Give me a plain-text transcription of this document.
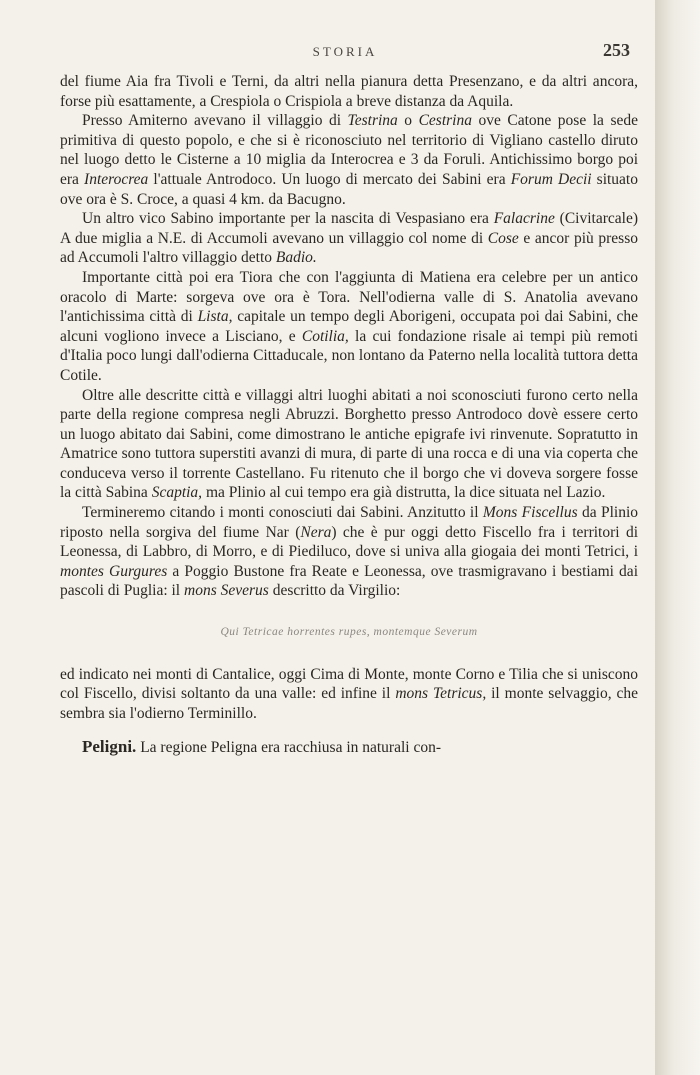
STORIA	253

del fiume Aia fra Tivoli e Terni, da altri nella pianura detta Presenzano, e da altri ancora, forse più esattamente, a Crespiola o Crispiola a breve distanza da Aquila.

Presso Amiterno avevano il villaggio di Testrina o Cestrina ove Catone pose la sede primitiva di questo popolo, e che si è riconosciuto nel territorio di Vigliano castello diruto nel luogo detto le Cisterne a 10 miglia da Interocrea e 3 da Foruli. Antichissimo borgo poi era Interocrea l'attuale Antrodoco. Un luogo di mercato dei Sabini era Forum Decii situato ove ora è S. Croce, a quasi 4 km. da Bacugno.

Un altro vico Sabino importante per la nascita di Vespasiano era Falacrine (Civitarcale) A due miglia a N.E. di Accumoli avevano un villaggio col nome di Cose e ancor più presso ad Accumoli l'altro villaggio detto Badio.

Importante città poi era Tiora che con l'aggiunta di Matiena era celebre per un antico oracolo di Marte: sorgeva ove ora è Tora. Nell'odierna valle di S. Anatolia avevano l'antichissima città di Lista, capitale un tempo degli Aborigeni, occupata poi dai Sabini, che alcuni vogliono invece a Lisciano, e Cotilia, la cui fondazione risale ai tempi più remoti d'Italia poco lungi dall'odierna Cittaducale, non lontano da Paterno nella località tuttora detta Cotile.

Oltre alle descritte città e villaggi altri luoghi abitati a noi sconosciuti furono certo nella parte della regione compresa negli Abruzzi. Borghetto presso Antrodoco dovè essere certo un luogo abitato dai Sabini, come dimostrano le antiche epigrafe ivi rinvenute. Sopratutto in Amatrice sono tuttora superstiti avanzi di mura, di parte di una rocca e di una via coperta che conduceva verso il torrente Castellano. Fu ritenuto che il borgo che vi doveva sorgere fosse la città Sabina Scaptia, ma Plinio al cui tempo era già distrutta, la dice situata nel Lazio.

Termineremo citando i monti conosciuti dai Sabini. Anzitutto il Mons Fiscellus da Plinio riposto nella sorgiva del fiume Nar (Nera) che è pur oggi detto Fiscello fra i territori di Leonessa, di Labbro, di Morro, e di Piediluco, dove si univa alla giogaia dei monti Tetrici, i montes Gurgures a Poggio Bustone fra Reate e Leonessa, ove trasmigravano i bestiami dai pascoli di Puglia: il mons Severus descritto da Virgilio:

Qui Tetricae horrentes rupes, montemque Severum

ed indicato nei monti di Cantalice, oggi Cima di Monte, monte Corno e Tilia che si uniscono col Fiscello, divisi soltanto da una valle: ed infine il mons Tetricus, il monte selvaggio, che sembra sia l'odierno Terminillo.

Peligni. La regione Peligna era racchiusa in naturali con-
